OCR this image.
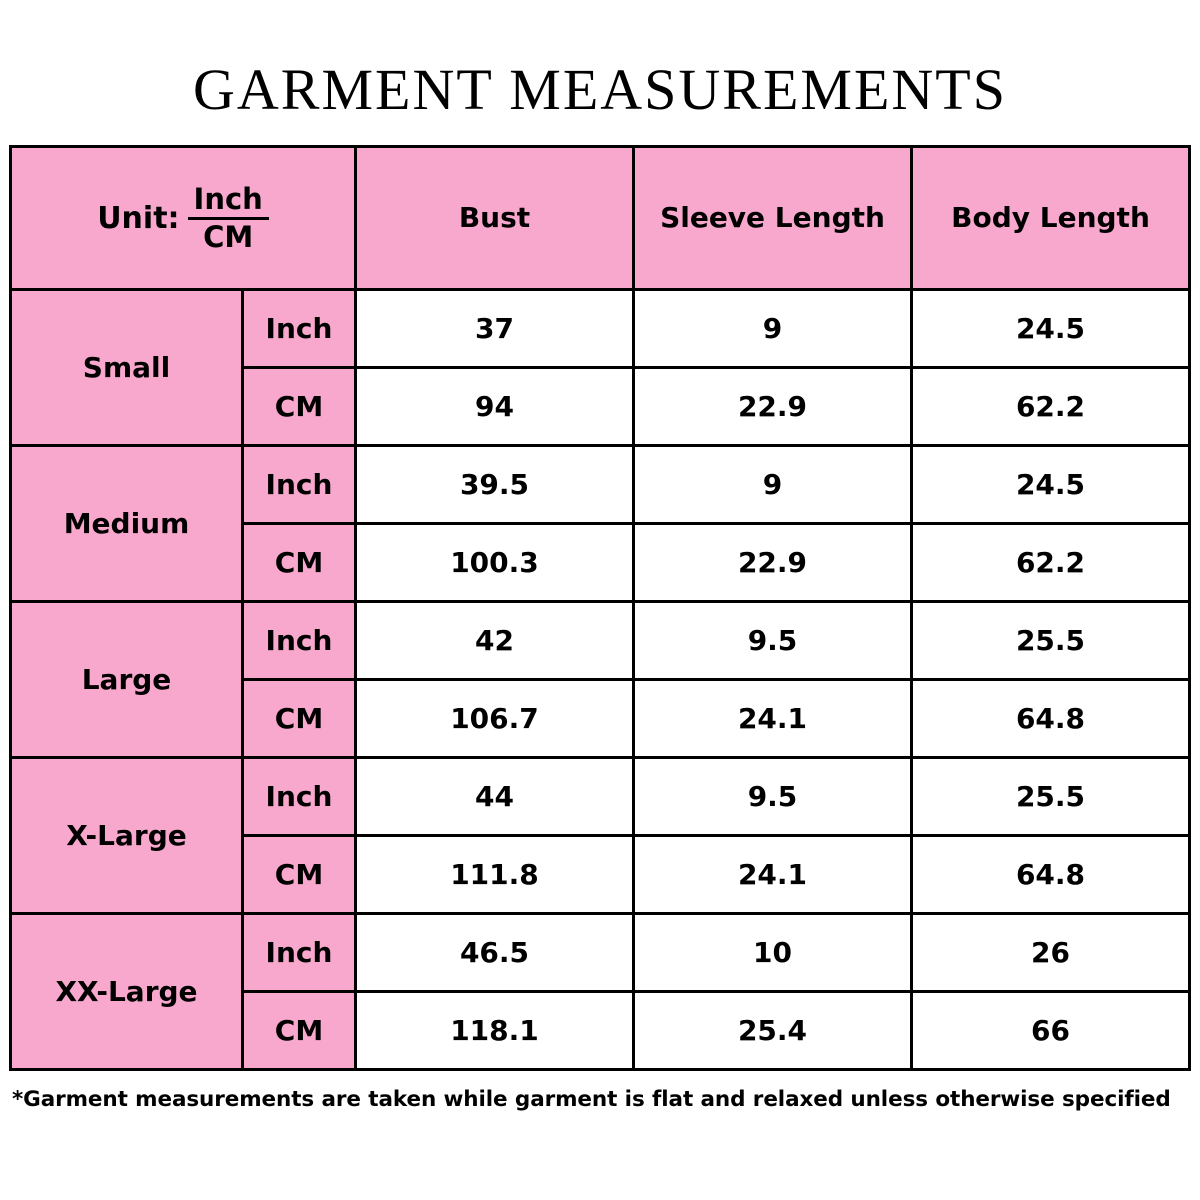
GARMENT MEASUREMENTS
Unit: $\frac{\text{Inch}}{CM}$		Bust	Sleeve Length	Body Length
Small	Inch	37	9	24.5
	CM	94	22.9	62.2
Medium	Inch	39.5	9	24.5
	CM	100.3	22.9	62.2
Large	Inch	42	9.5	25.5
	CM	106.7	24.1	64.8
X-Large	Inch	44	9.5	25.5
	CM	111.8	24.1	64.8
XX-Large	Inch	46.5	10	26
	CM	118.1	25.4	66
*Garment measurements are taken while garment is flat and relaxed unless otherwise specified
